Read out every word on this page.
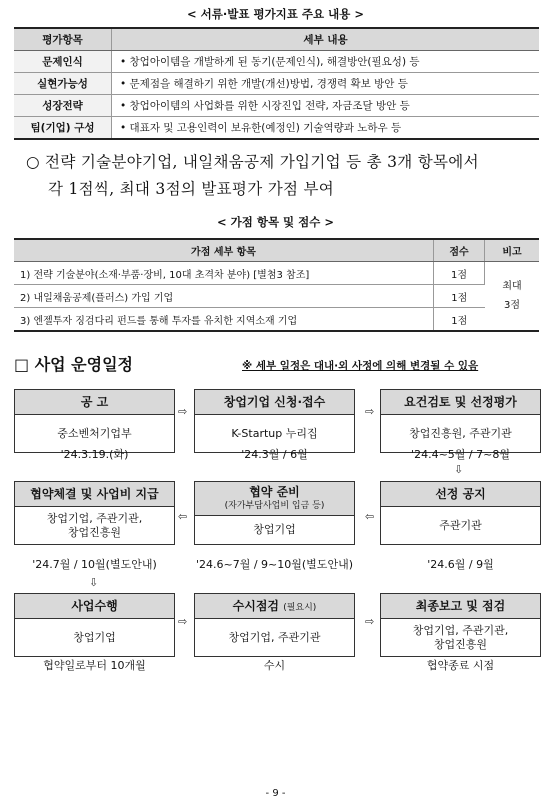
< 서류·발표 평가지표 주요 내용 >
평가항목	세부 내용
문제인식	• 창업아이템을 개발하게 된 동기(문제인식), 해결방안(필요성) 등
실현가능성	• 문제점을 해결하기 위한 개발(개선)방법, 경쟁력 확보 방안 등
성장전략	• 창업아이템의 사업화를 위한 시장진입 전략, 자금조달 방안 등
팀(기업) 구성	• 대표자 및 고용인력이 보유한(예정인) 기술역량과 노하우 등
○ 전략 기술분야기업, 내일채움공제 가입기업 등 총 3개 항목에서
각 1점씩, 최대 3점의 발표평가 가점 부여
< 가점 항목 및 점수 >
가점 세부 항목	점수	비고
1) 전략 기술분야(소재·부품·장비, 10대 초격차 분야) [별첨3 참조]	1점	최대
3점
2) 내일채움공제(플러스) 가입 기업	1점	
3) 엔젤투자 징검다리 펀드를 통해 투자를 유치한 지역소재 기업	1점	
□ 사업 운영일정	※ 세부 일정은 대내·외 사정에 의해 변경될 수 있음
공 고
중소벤처기업부
⇨
창업기업 신청·접수
K-Startup 누리집
⇨
요건검토 및 선정평가
창업진흥원, 주관기관
'24.3.19.(화)	'24.3월 / 6월	'24.4~5월 / 7~8월
⇩
협약체결 및 사업비 지급
창업기업, 주관기관,
창업진흥원
⇦
협약 준비
(자가부담사업비 입금 등)
창업기업
⇦
선정 공지
주관기관
'24.7월 / 10월(별도안내)	'24.6~7월 / 9~10월(별도안내)	'24.6월 / 9월
⇩
사업수행
창업기업
⇨
수시점검 (필요시)
창업기업, 주관기관
⇨
최종보고 및 점검
창업기업, 주관기관,
창업진흥원
협약일로부터 10개월	수시	협약종료 시점
- 9 -
